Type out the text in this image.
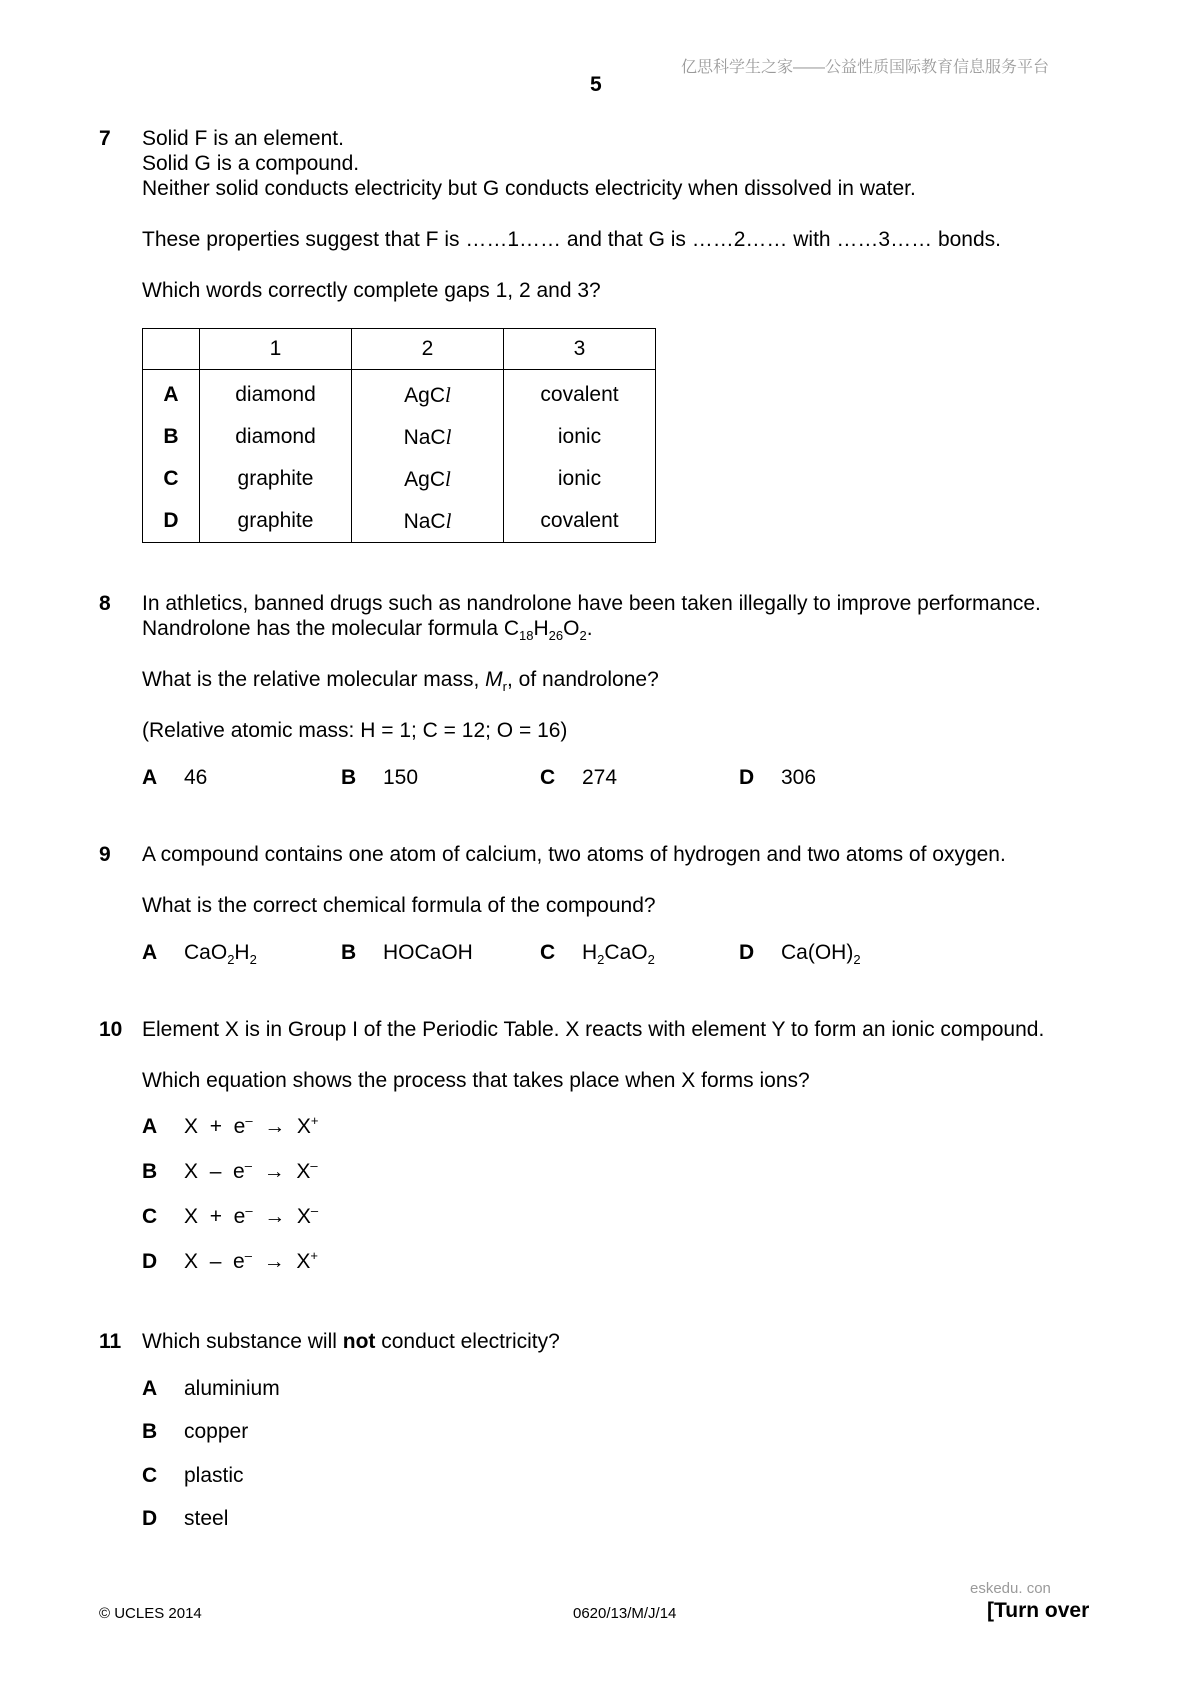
亿思科学生之家——公益性质国际教育信息服务平台
5
7 Solid F is an element.
Solid G is a compound.
Neither solid conducts electricity but G conducts electricity when dissolved in water.
These properties suggest that F is ……1…… and that G is ……2…… with ……3…… bonds.
Which words correctly complete gaps 1, 2 and 3?
	1	2	3
A	diamond	AgCl	covalent
B	diamond	NaCl	ionic
C	graphite	AgCl	ionic
D	graphite	NaCl	covalent
8 In athletics, banned drugs such as nandrolone have been taken illegally to improve performance.
Nandrolone has the molecular formula $C_{18}H_{26}O_2$.
What is the relative molecular mass, $M_r$, of nandrolone?
(Relative atomic mass: H = 1; C = 12; O = 16)
A 46	B 150	C 274	D 306
9 A compound contains one atom of calcium, two atoms of hydrogen and two atoms of oxygen.
What is the correct chemical formula of the compound?
A $CaO_2H_2$	B HOCaOH	C $H_2CaO_2$	D $Ca(OH)_2$
10 Element X is in Group I of the Periodic Table. X reacts with element Y to form an ionic compound.
Which equation shows the process that takes place when X forms ions?
A X + e– → X+
B X – e– → X–
C X + e– → X–
D X – e– → X+
11 Which substance will not conduct electricity?
A aluminium
B copper
C plastic
D steel
eskedu. con
© UCLES 2014	0620/13/M/J/14	[Turn over
